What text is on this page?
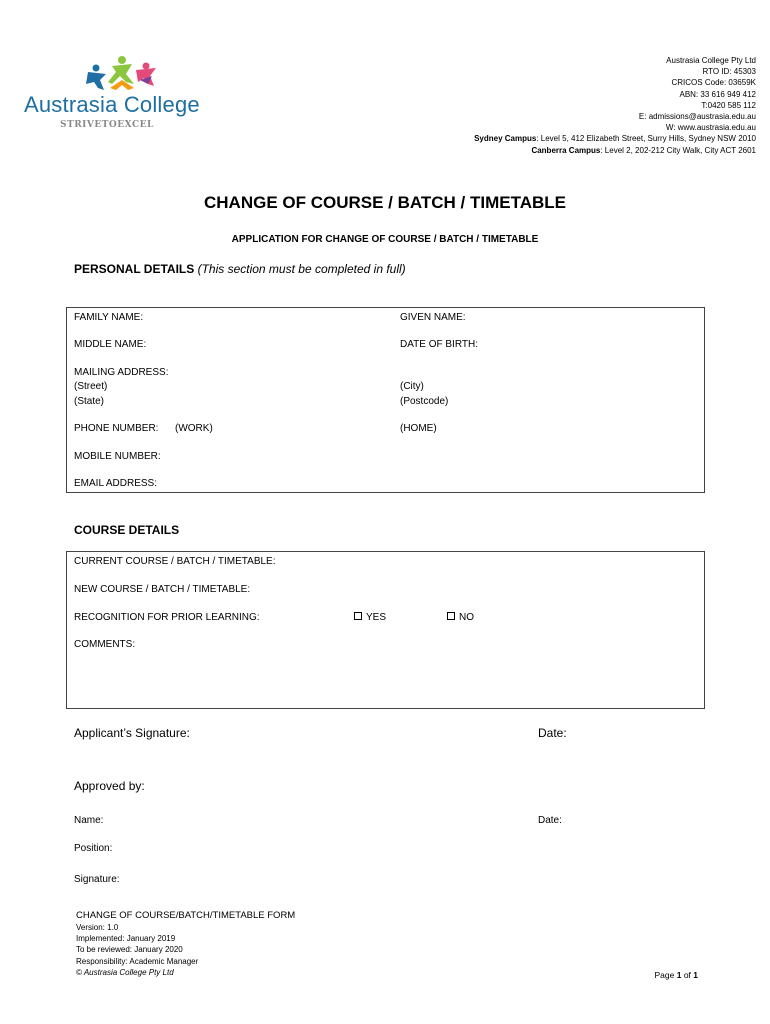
Austrasia College
STRIVETOEXCEL
Austrasia College Pty Ltd
RTO ID: 45303
CRICOS Code: 03659K
ABN: 33 616 949 412
T:0420 585 112
E: admissions@austrasia.edu.au
W: www.austrasia.edu.au
Sydney Campus: Level 5, 412 Elizabeth Street, Surry Hills, Sydney NSW 2010
Canberra Campus: Level 2, 202-212 City Walk, City ACT 2601
CHANGE OF COURSE / BATCH / TIMETABLE
APPLICATION FOR CHANGE OF COURSE / BATCH / TIMETABLE
PERSONAL DETAILS (This section must be completed in full)
FAMILY NAME:	GIVEN NAME:
MIDDLE NAME:	DATE OF BIRTH:
MAILING ADDRESS:
(Street)	(City)
(State)	(Postcode)
PHONE NUMBER: (WORK)	(HOME)
MOBILE NUMBER:
EMAIL ADDRESS:
COURSE DETAILS
CURRENT COURSE / BATCH / TIMETABLE:
NEW COURSE / BATCH / TIMETABLE:
RECOGNITION FOR PRIOR LEARNING:	YES	NO
COMMENTS:
Applicant’s Signature:	Date:
Approved by:
Name:	Date:
Position:
Signature:
CHANGE OF COURSE/BATCH/TIMETABLE FORM
Version: 1.0
Implemented: January 2019
To be reviewed: January 2020
Responsibility: Academic Manager
© Austrasia College Pty Ltd	Page 1 of 1
